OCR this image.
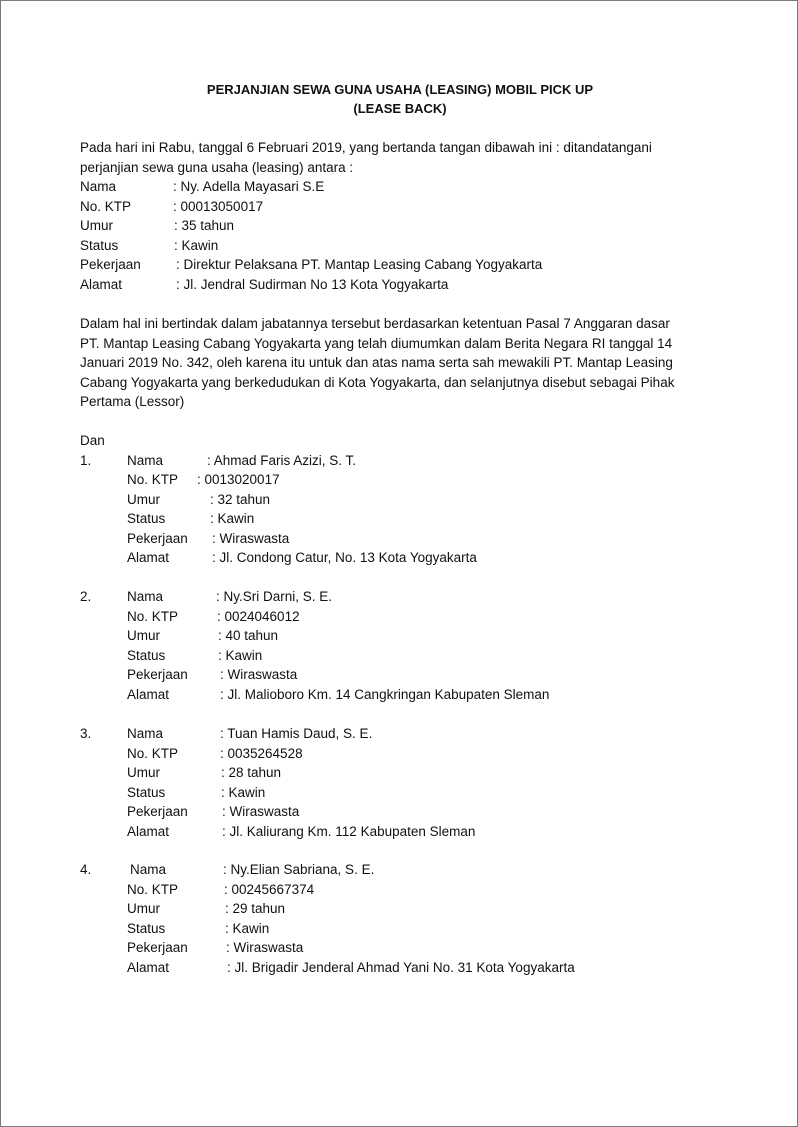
PERJANJIAN SEWA GUNA USAHA (LEASING) MOBIL PICK UP
(LEASE BACK)
Pada hari ini Rabu, tanggal 6 Februari 2019, yang bertanda tangan dibawah ini : ditandatangani
perjanjian sewa guna usaha (leasing) antara :
Nama	: Ny. Adella Mayasari S.E
No. KTP	: 00013050017
Umur	: 35 tahun
Status	: Kawin
Pekerjaan	: Direktur Pelaksana PT. Mantap Leasing Cabang Yogyakarta
Alamat	: Jl. Jendral Sudirman No 13 Kota Yogyakarta
Dalam hal ini bertindak dalam jabatannya tersebut berdasarkan ketentuan Pasal 7 Anggaran dasar
PT. Mantap Leasing Cabang Yogyakarta yang telah diumumkan dalam Berita Negara RI tanggal 14
Januari 2019 No. 342, oleh karena itu untuk dan atas nama serta sah mewakili PT. Mantap Leasing
Cabang Yogyakarta yang berkedudukan di Kota Yogyakarta, dan selanjutnya disebut sebagai Pihak
Pertama (Lessor)
Dan
1.	Nama	: Ahmad Faris Azizi, S. T.
No. KTP : 0013020017
Umur	: 32 tahun
Status	: Kawin
Pekerjaan : Wiraswasta
Alamat	: Jl. Condong Catur, No. 13 Kota Yogyakarta
2.	Nama	: Ny.Sri Darni, S. E.
No. KTP	: 0024046012
Umur	: 40 tahun
Status	: Kawin
Pekerjaan : Wiraswasta
Alamat	: Jl. Malioboro Km. 14 Cangkringan Kabupaten Sleman
3.	Nama	: Tuan Hamis Daud, S. E.
No. KTP	: 0035264528
Umur	: 28 tahun
Status	: Kawin
Pekerjaan	: Wiraswasta
Alamat	: Jl. Kaliurang Km. 112 Kabupaten Sleman
4.	Nama	: Ny.Elian Sabriana, S. E.
No. KTP	: 00245667374
Umur	: 29 tahun
Status	: Kawin
Pekerjaan	: Wiraswasta
Alamat	: Jl. Brigadir Jenderal Ahmad Yani No. 31 Kota Yogyakarta
